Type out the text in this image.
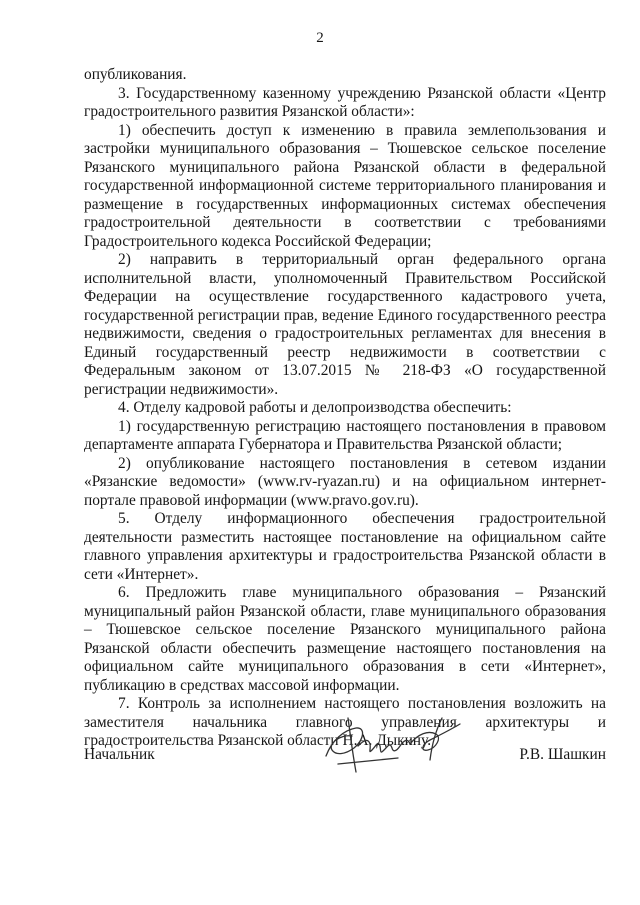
2

опубликования.

3. Государственному казенному учреждению Рязанской области «Центр градостроительного развития Рязанской области»:

1) обеспечить доступ к изменению в правила землепользования и застройки муниципального образования – Тюшевское сельское поселение Рязанского муниципального района Рязанской области в федеральной государственной информационной системе территориального планирования и размещение в государственных информационных системах обеспечения градостроительной деятельности в соответствии с требованиями Градостроительного кодекса Российской Федерации;

2) направить в территориальный орган федерального органа исполнительной власти, уполномоченный Правительством Российской Федерации на осуществление государственного кадастрового учета, государственной регистрации прав, ведение Единого государственного реестра недвижимости, сведения о градостроительных регламентах для внесения в Единый государственный реестр недвижимости в соответствии с Федеральным законом от 13.07.2015 № 218-ФЗ «О государственной регистрации недвижимости».

4. Отделу кадровой работы и делопроизводства обеспечить:

1) государственную регистрацию настоящего постановления в правовом департаменте аппарата Губернатора и Правительства Рязанской области;

2) опубликование настоящего постановления в сетевом издании «Рязанские ведомости» (www.rv-ryazan.ru) и на официальном интернет-портале правовой информации (www.pravo.gov.ru).

5. Отделу информационного обеспечения градостроительной деятельности разместить настоящее постановление на официальном сайте главного управления архитектуры и градостроительства Рязанской области в сети «Интернет».

6. Предложить главе муниципального образования – Рязанский муниципальный район Рязанской области, главе муниципального образования – Тюшевское сельское поселение Рязанского муниципального района Рязанской области обеспечить размещение настоящего постановления на официальном сайте муниципального образования в сети «Интернет», публикацию в средствах массовой информации.

7. Контроль за исполнением настоящего постановления возложить на заместителя начальника главного управления архитектуры и градостроительства Рязанской области Н.А. Дыкину.

Начальник	Р.В. Шашкин
